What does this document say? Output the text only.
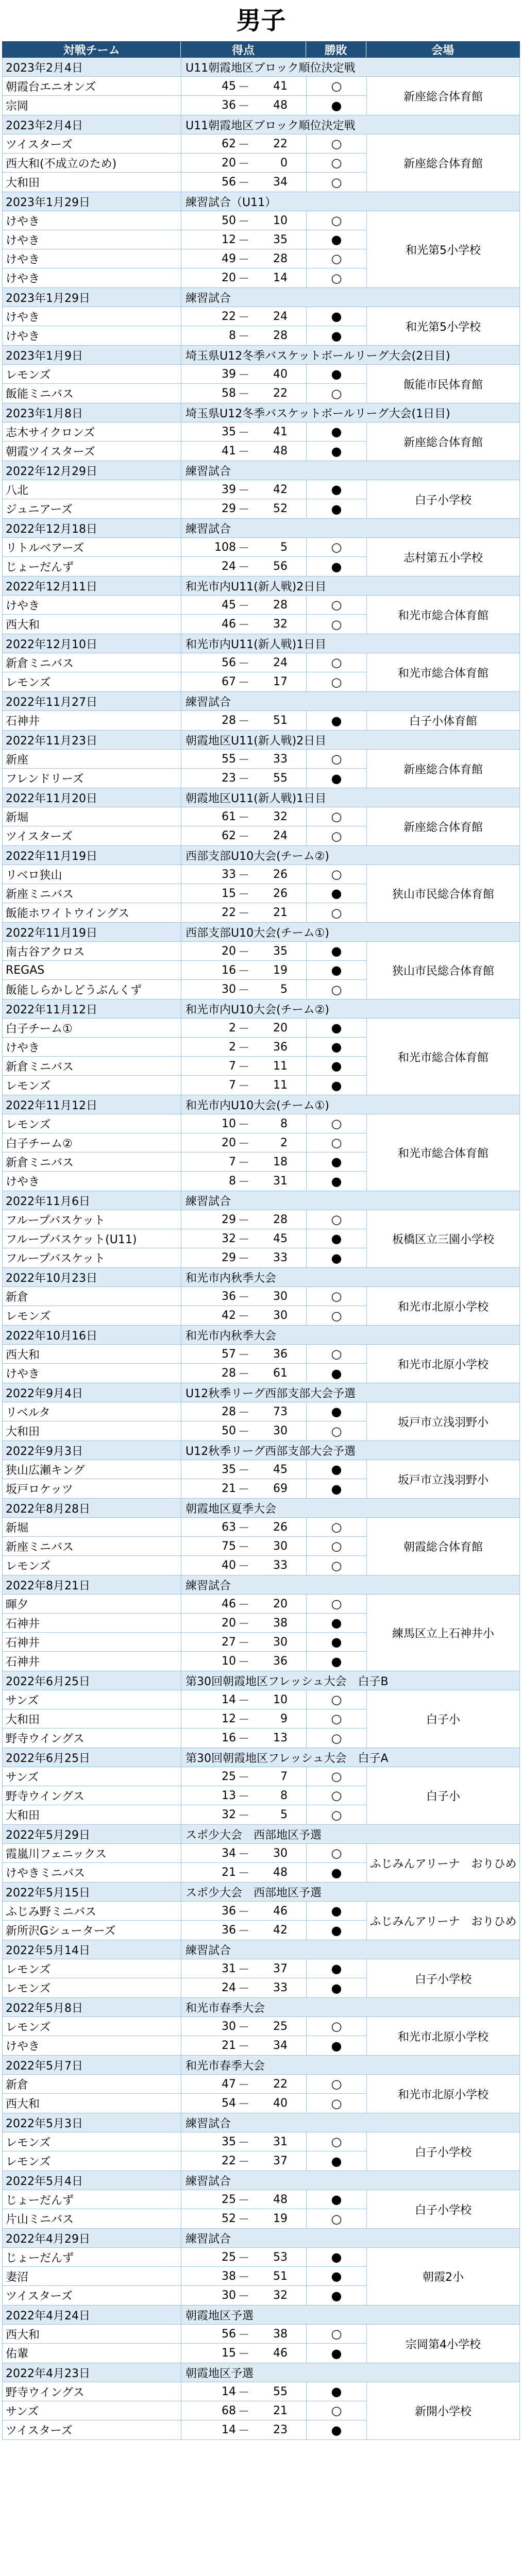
男子
対戦チーム	得点	勝敗	会場
2023年2月4日	U11朝霞地区ブロック順位決定戦
朝霞台エニオンズ	45 －	41	○
宗岡	36 －	48	●
新座総合体育館
2023年2月4日	U11朝霞地区ブロック順位決定戦
ツイスターズ	62 －	22	○
西大和(不成立のため)	20 －	0	○
大和田	56 －	34	○
新座総合体育館
2023年1月29日	練習試合（U11）
けやき	50 －	10	○
けやき	12 －	35	●
けやき	49 －	28	○
けやき	20 －	14	○
和光第5小学校
2023年1月29日	練習試合
けやき	22 －	24	●
けやき	8 －	28	●
和光第5小学校
2023年1月9日	埼玉県U12冬季バスケットボールリーグ大会(2日目)
レモンズ	39 －	40	●
飯能ミニバス	58 －	22	○
飯能市民体育館
2023年1月8日	埼玉県U12冬季バスケットボールリーグ大会(1日目)
志木サイクロンズ	35 －	41	●
朝霞ツイスターズ	41 －	48	●
新座総合体育館
2022年12月29日	練習試合
八北	39 －	42	●
ジュニアーズ	29 －	52	●
白子小学校
2022年12月18日	練習試合
リトルベアーズ	108 －	5	○
じょーだんず	24 －	56	●
志村第五小学校
2022年12月11日	和光市内U11(新人戦)2日目
けやき	45 －	28	○
西大和	46 －	32	○
和光市総合体育館
2022年12月10日	和光市内U11(新人戦)1日目
新倉ミニバス	56 －	24	○
レモンズ	67 －	17	○
和光市総合体育館
2022年11月27日	練習試合
石神井	28 －	51	●	白子小体育館
2022年11月23日	朝霞地区U11(新人戦)2日目
新座	55 －	33	○
フレンドリーズ	23 －	55	●
新座総合体育館
2022年11月20日	朝霞地区U11(新人戦)1日目
新堀	61 －	32	○
ツイスターズ	62 －	24	○
新座総合体育館
2022年11月19日	西部支部U10大会(チーム②)
リベロ狭山	33 －	26	○
新座ミニバス	15 －	26	●
飯能ホワイトウイングス	22 －	21	○
狭山市民総合体育館
2022年11月19日	西部支部U10大会(チーム①)
南古谷アクロス	20 －	35	●
REGAS	16 －	19	●
飯能しらかしどうぶんくず	30 －	5	○
狭山市民総合体育館
2022年11月12日	和光市内U10大会(チーム②)
白子チーム①	2 －	20	●
けやき	2 －	36	●
新倉ミニバス	7 －	11	●
レモンズ	7 －	11	●
和光市総合体育館
2022年11月12日	和光市内U10大会(チーム①)
レモンズ	10 －	8	○
白子チーム②	20 －	2	○
新倉ミニバス	7 －	18	●
けやき	8 －	31	●
和光市総合体育館
2022年11月6日	練習試合
フループバスケット	29 －	28	○
フループバスケット(U11)	32 －	45	●
フループバスケット	29 －	33	●
板橋区立三園小学校
2022年10月23日	和光市内秋季大会
新倉	36 －	30	○
レモンズ	42 －	30	○
和光市北原小学校
2022年10月16日	和光市内秋季大会
西大和	57 －	36	○
けやき	28 －	61	●
和光市北原小学校
2022年9月4日	U12秋季リーグ西部支部大会予選
リベルタ	28 －	73	●
大和田	50 －	30	○
坂戸市立浅羽野小
2022年9月3日	U12秋季リーグ西部支部大会予選
狭山広瀬キング	35 －	45	●
坂戸ロケッツ	21 －	69	●
坂戸市立浅羽野小
2022年8月28日	朝霞地区夏季大会
新堀	63 －	26	○
新座ミニバス	75 －	30	○
レモンズ	40 －	33	○
朝霞総合体育館
2022年8月21日	練習試合
暉夕	46 －	20	○
石神井	20 －	38	●
石神井	27 －	30	●
石神井	10 －	36	●
練馬区立上石神井小
2022年6月25日	第30回朝霞地区フレッシュ大会　白子B
サンズ	14 －	10	○
大和田	12 －	9	○
野寺ウイングス	16 －	13	○
白子小
2022年6月25日	第30回朝霞地区フレッシュ大会　白子A
サンズ	25 －	7	○
野寺ウイングス	13 －	8	○
大和田	32 －	5	○
白子小
2022年5月29日	スポ少大会　西部地区予選
霞嵐川フェニックス	34 －	30	○
けやきミニバス	21 －	48	●
ふじみんアリーナ　おりひめ
2022年5月15日	スポ少大会　西部地区予選
ふじみ野ミニバス	36 －	46	●
新所沢Gシューターズ	36 －	42	●
ふじみんアリーナ　おりひめ
2022年5月14日	練習試合
レモンズ	31 －	37	●
レモンズ	24 －	33	●
白子小学校
2022年5月8日	和光市春季大会
レモンズ	30 －	25	○
けやき	21 －	34	●
和光市北原小学校
2022年5月7日	和光市春季大会
新倉	47 －	22	○
西大和	54 －	40	○
和光市北原小学校
2022年5月3日	練習試合
レモンズ	35 －	31	○
レモンズ	22 －	37	●
白子小学校
2022年5月4日	練習試合
じょーだんず	25 －	48	●
片山ミニバス	52 －	19	○
白子小学校
2022年4月29日	練習試合
じょーだんず	25 －	53	●
妻沼	38 －	51	●
ツイスターズ	30 －	32	●
朝霞2小
2022年4月24日	朝霞地区予選
西大和	56 －	38	○
佑輩	15 －	46	●
宗岡第4小学校
2022年4月23日	朝霞地区予選
野寺ウイングス	14 －	55	●
サンズ	68 －	21	○
ツイスターズ	14 －	23	●
新開小学校
